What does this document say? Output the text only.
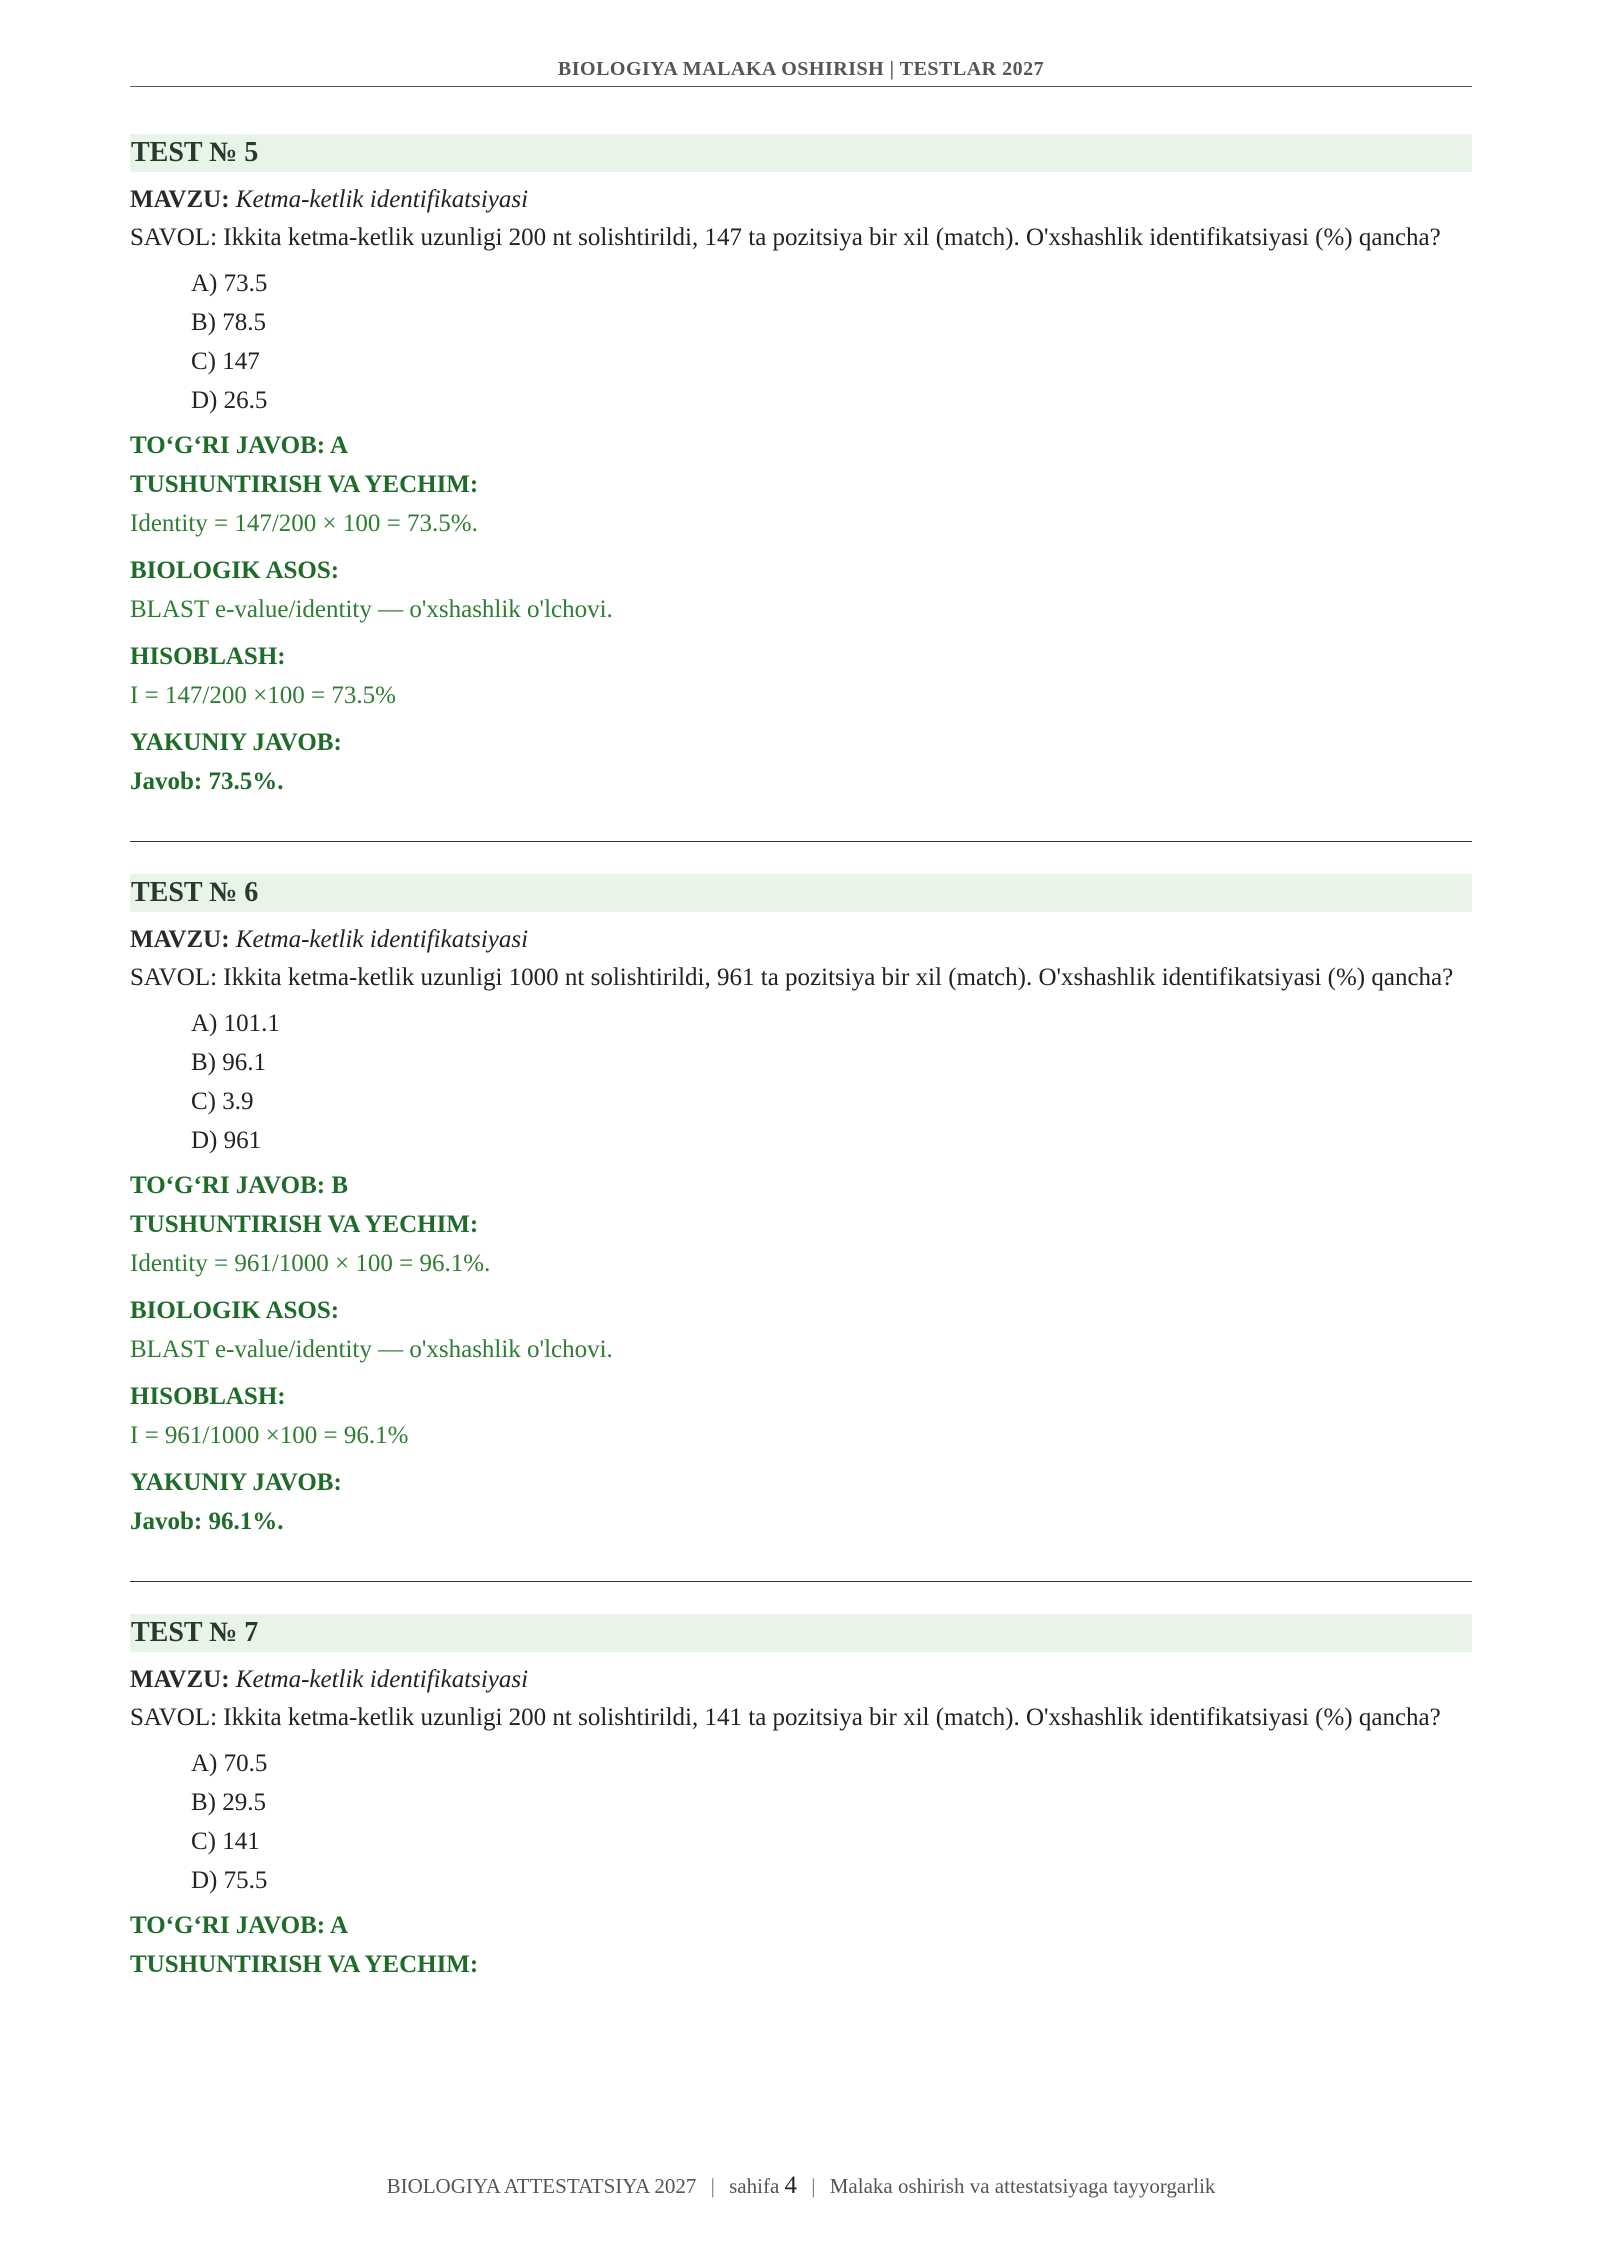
BIOLOGIYA MALAKA OSHIRISH | TESTLAR 2027
TEST № 5
MAVZU: Ketma-ketlik identifikatsiyasi
SAVOL: Ikkita ketma-ketlik uzunligi 200 nt solishtirildi, 147 ta pozitsiya bir xil (match). O'xshashlik identifikatsiyasi (%) qancha?
A) 73.5
B) 78.5
C) 147
D) 26.5
TO‘G‘RI JAVOB: A
TUSHUNTIRISH VA YECHIM:
Identity = 147/200 × 100 = 73.5%.
BIOLOGIK ASOS:
BLAST e-value/identity — o'xshashlik o'lchovi.
HISOBLASH:
I = 147/200 ×100 = 73.5%
YAKUNIY JAVOB:
Javob: 73.5%.
TEST № 6
MAVZU: Ketma-ketlik identifikatsiyasi
SAVOL: Ikkita ketma-ketlik uzunligi 1000 nt solishtirildi, 961 ta pozitsiya bir xil (match). O'xshashlik identifikatsiyasi (%) qancha?
A) 101.1
B) 96.1
C) 3.9
D) 961
TO‘G‘RI JAVOB: B
TUSHUNTIRISH VA YECHIM:
Identity = 961/1000 × 100 = 96.1%.
BIOLOGIK ASOS:
BLAST e-value/identity — o'xshashlik o'lchovi.
HISOBLASH:
I = 961/1000 ×100 = 96.1%
YAKUNIY JAVOB:
Javob: 96.1%.
TEST № 7
MAVZU: Ketma-ketlik identifikatsiyasi
SAVOL: Ikkita ketma-ketlik uzunligi 200 nt solishtirildi, 141 ta pozitsiya bir xil (match). O'xshashlik identifikatsiyasi (%) qancha?
A) 70.5
B) 29.5
C) 141
D) 75.5
TO‘G‘RI JAVOB: A
TUSHUNTIRISH VA YECHIM:
BIOLOGIYA ATTESTATSIYA 2027 | sahifa 4 | Malaka oshirish va attestatsiyaga tayyorgarlik
